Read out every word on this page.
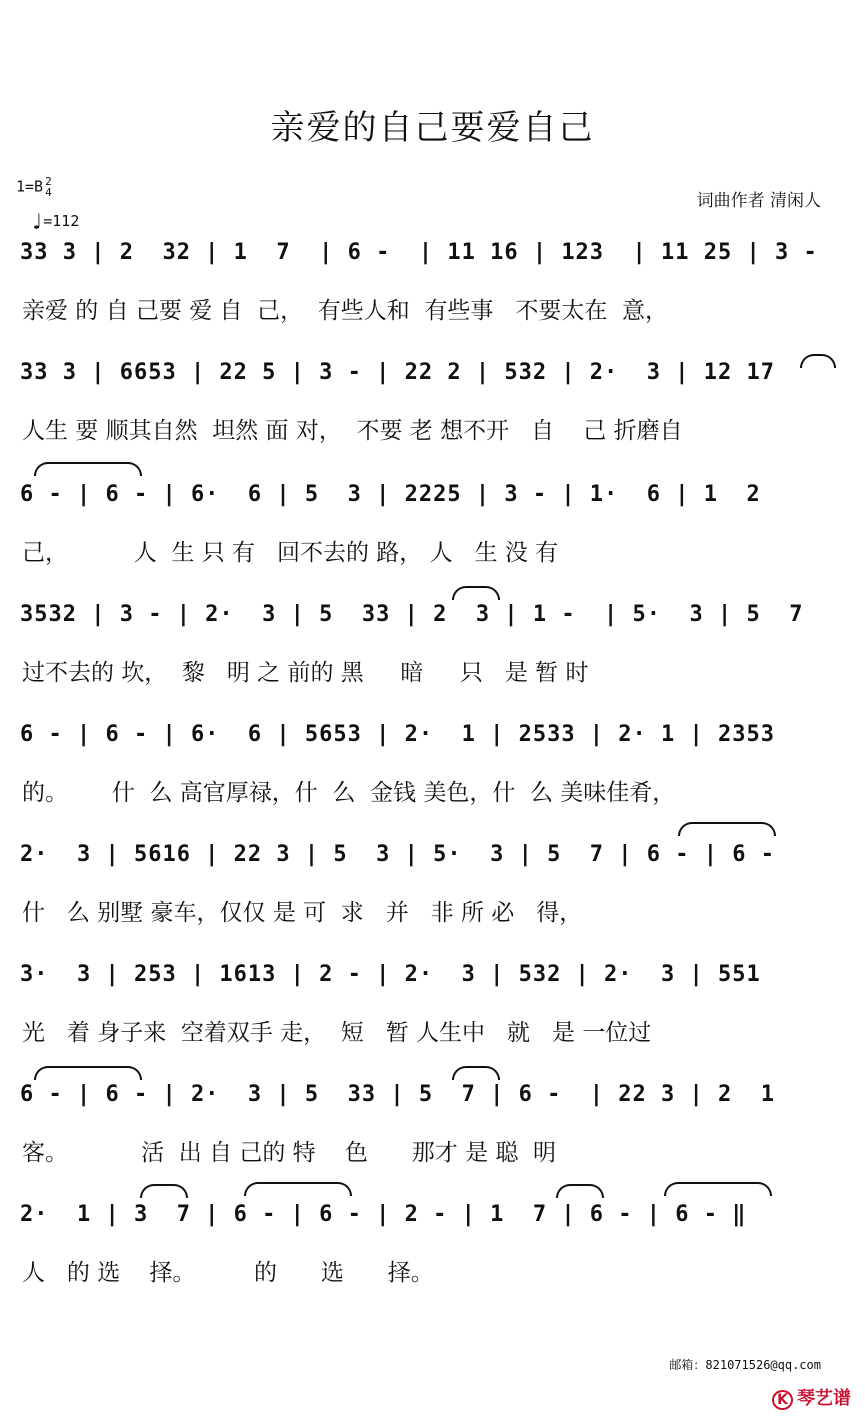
亲爱的自己要爱自己
1=B 2
4
♩=112
词曲作者 清闲人
33 3 | 2  32 | 1  7  | 6 -  | 11 16 | 123  | 11 25 | 3 -
亲爱 的 自 己要 爱 自  己，  有些人和  有些事   不要太在  意，
33 3 | 6653 | 22 5 | 3 - | 22 2 | 532 | 2·  3 | 12 17
人生 要 顺其自然  坦然 面 对，  不要 老 想不开   自    己 折磨自
6 - | 6 - | 6·  6 | 5  3 | 2225 | 3 - | 1·  6 | 1  2
己，         人  生 只 有   回不去的 路， 人   生 没 有
3532 | 3 - | 2·  3 | 5  33 | 2  3 | 1 -  | 5·  3 | 5  7
过不去的 坎，  黎   明 之 前的 黑     暗     只   是 暂 时
6 - | 6 - | 6·  6 | 5653 | 2·  1 | 2533 | 2· 1 | 2353
的。      什  么 高官厚禄，什  么  金钱 美色，什  么 美味佳肴，
2·  3 | 5616 | 22 3 | 5  3 | 5·  3 | 5  7 | 6 - | 6 -
什   么 别墅 豪车，仅仅 是 可  求   并   非 所 必   得，
3·  3 | 253 | 1613 | 2 - | 2·  3 | 532 | 2·  3 | 551
光   着 身子来  空着双手 走，  短   暂 人生中   就   是 一位过
6 - | 6 - | 2·  3 | 5  33 | 5  7 | 6 -  | 22 3 | 2  1
客。          活  出 自 己的 特    色      那才 是 聪  明
2·  1 | 3  7 | 6 - | 6 - | 2 - | 1  7 | 6 - | 6 - ‖
人   的 选    择。        的      选      择。
邮箱：821071526@qq.com
K 琴艺谱
